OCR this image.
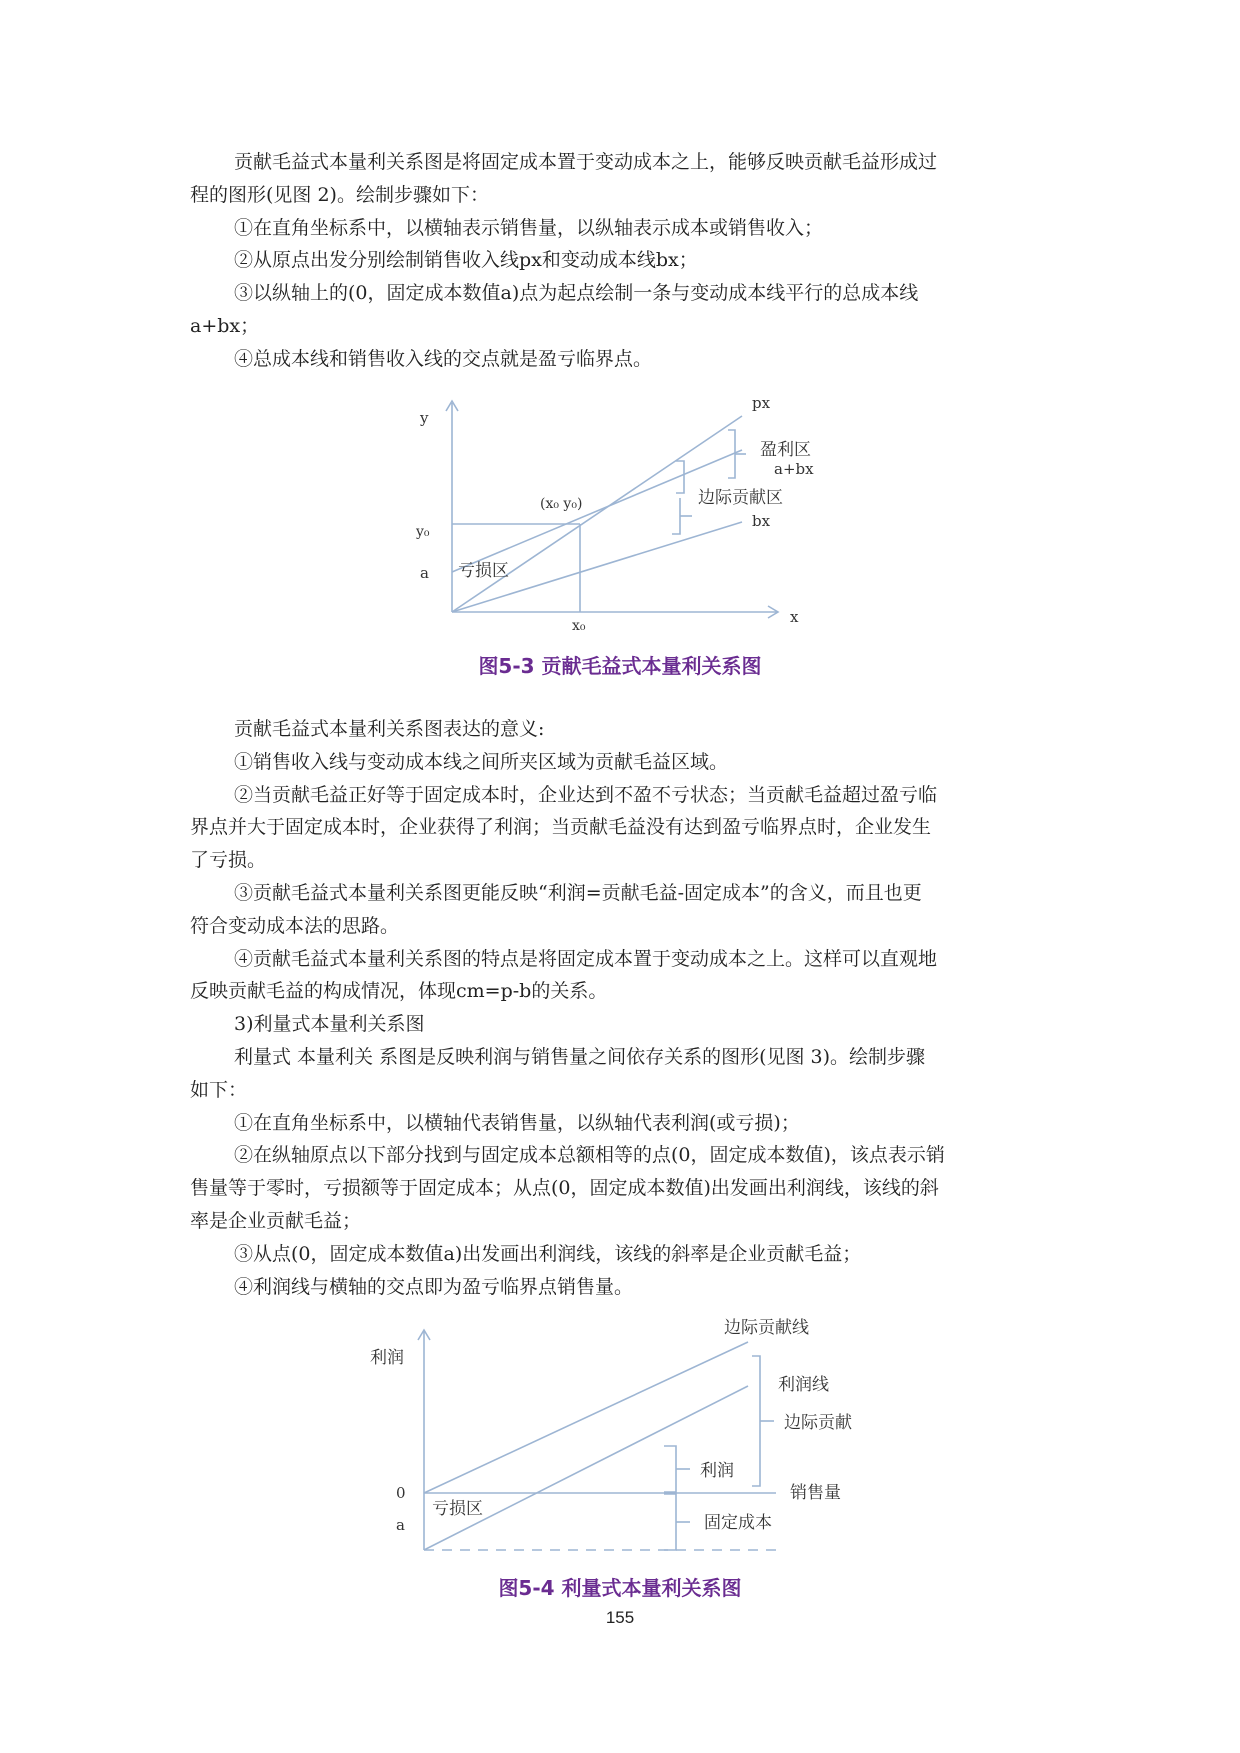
贡献毛益式本量利关系图是将固定成本置于变动成本之上，能够反映贡献毛益形成过

程的图形(见图 2)。绘制步骤如下：

①在直角坐标系中，以横轴表示销售量，以纵轴表示成本或销售收入；

②从原点出发分别绘制销售收入线px和变动成本线bx；

③以纵轴上的(0，固定成本数值a)点为起点绘制一条与变动成本线平行的总成本线

a+bx；

④总成本线和销售收入线的交点就是盈亏临界点。

y
x
px
盈利区
a+bx
边际贡献区
bx
(x₀ y₀)
y₀
a 亏损区
x₀
图5-3 贡献毛益式本量利关系图

贡献毛益式本量利关系图表达的意义:

①销售收入线与变动成本线之间所夹区域为贡献毛益区域。

②当贡献毛益正好等于固定成本时，企业达到不盈不亏状态；当贡献毛益超过盈亏临

界点并大于固定成本时，企业获得了利润；当贡献毛益没有达到盈亏临界点时，企业发生

了亏损。

③贡献毛益式本量利关系图更能反映“利润=贡献毛益-固定成本”的含义，而且也更

符合变动成本法的思路。

④贡献毛益式本量利关系图的特点是将固定成本置于变动成本之上。这样可以直观地

反映贡献毛益的构成情况，体现cm=p-b的关系。

3)利量式本量利关系图

利量式 本量利关 系图是反映利润与销售量之间依存关系的图形(见图 3)。绘制步骤

如下：

①在直角坐标系中，以横轴代表销售量，以纵轴代表利润(或亏损)；

②在纵轴原点以下部分找到与固定成本总额相等的点(0，固定成本数值)，该点表示销

售量等于零时，亏损额等于固定成本；从点(0，固定成本数值)出发画出利润线，该线的斜

率是企业贡献毛益；

③从点(0，固定成本数值a)出发画出利润线，该线的斜率是企业贡献毛益；

④利润线与横轴的交点即为盈亏临界点销售量。

利润
0
a
边际贡献线
利润线
边际贡献
利润
销售量
亏损区
固定成本
图5-4 利量式本量利关系图
155
